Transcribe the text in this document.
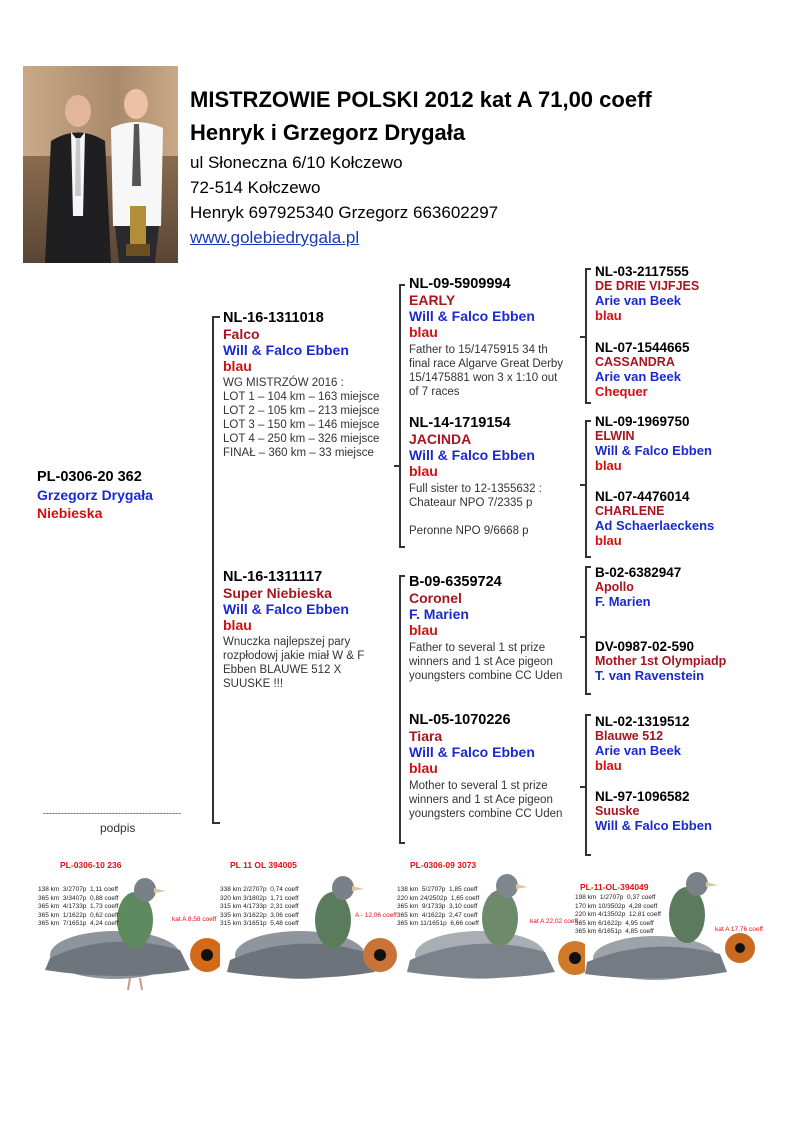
MISTRZOWIE POLSKI 2012 kat A 71,00 coeff
Henryk i Grzegorz Drygała
ul Słoneczna 6/10 Kołczewo
72-514 Kołczewo
Henryk 697925340 Grzegorz 663602297
www.golebiedrygala.pl
PL-0306-20 362
Grzegorz Drygała
Niebieska
----------------------------------------------
podpis
NL-16-1311018
Falco
Will & Falco Ebben
blau
WG MISTRZÓW 2016 :
LOT 1 – 104 km – 163 miejsce
LOT 2 – 105 km – 213 miejsce
LOT 3 – 150 km – 146 miejsce
LOT 4 – 250 km – 326 miejsce
FINAŁ – 360 km – 33 miejsce
NL-16-1311117
Super Niebieska
Will & Falco Ebben
blau
Wnuczka najlepszej pary
rozpłodowj jakie miał W & F
Ebben BLAUWE 512 X
SUUSKE !!!
NL-09-5909994
EARLY
Will & Falco Ebben
blau
Father to 15/1475915 34 th
final race Algarve Great Derby
15/1475881 won 3 x 1:10 out
of 7 races
NL-14-1719154
JACINDA
Will & Falco Ebben
blau
Full sister to 12-1355632 :
Chateaur NPO 7/2335 p
Peronne NPO 9/6668 p
B-09-6359724
Coronel
F. Marien
blau
Father to several 1 st prize
winners and 1 st Ace pigeon
youngsters combine CC Uden
NL-05-1070226
Tiara
Will & Falco Ebben
blau
Mother to several 1 st prize
winners and 1 st Ace pigeon
youngsters combine CC Uden
NL-03-2117555
DE DRIE VIJFJES
Arie van Beek
blau
NL-07-1544665
CASSANDRA
Arie van Beek
Chequer
NL-09-1969750
ELWIN
Will & Falco Ebben
blau
NL-07-4476014
CHARLENE
Ad Schaerlaeckens
blau
B-02-6382947
Apollo
F. Marien
DV-0987-02-590
Mother 1st Olympiadp
T. van Ravenstein
NL-02-1319512
Blauwe 512
Arie van Beek
blau
NL-97-1096582
Suuske
Will & Falco Ebben
PL-0306-10 236
138 km  3/2707p  1,11 coeff
365 km  3/3407p  0,88 coeff
365 km  4/1733p  1,73 coeff
365 km  1/1622p  0,62 coeff
365 km  7/1651p  4,24 coeff
kat A 8,58 coeff
PL 11 OL 394005
338 km 2/2707p  0,74 coeff
320 km 3/1802p  1,71 coeff
315 km 4/1733p  2,31 coeff
335 km 3/1622p  3,06 coeff
315 km 3/1651p  5,48 coeff
A - 12,06 coeff
PL-0306-09 3073
138 km  5/2707p  1,85 coeff
220 km 24/2502p  1,65 coeff
365 km  9/1733p  3,10 coeff
365 km  4/1622p  2,47 coeff
365 km 11/1651p  6,66 coeff	kat A 22,02 coeff
PL-11-OL-394049
198 km  1/2707p  0,37 coeff
170 km 10/3502p  4,28 coeff
220 km 4/13502p  12,81 coeff
365 km 6/1622p  4,95 coeff
365 km 6/1651p  4,85 coeff	kat A 17,76 coeff
